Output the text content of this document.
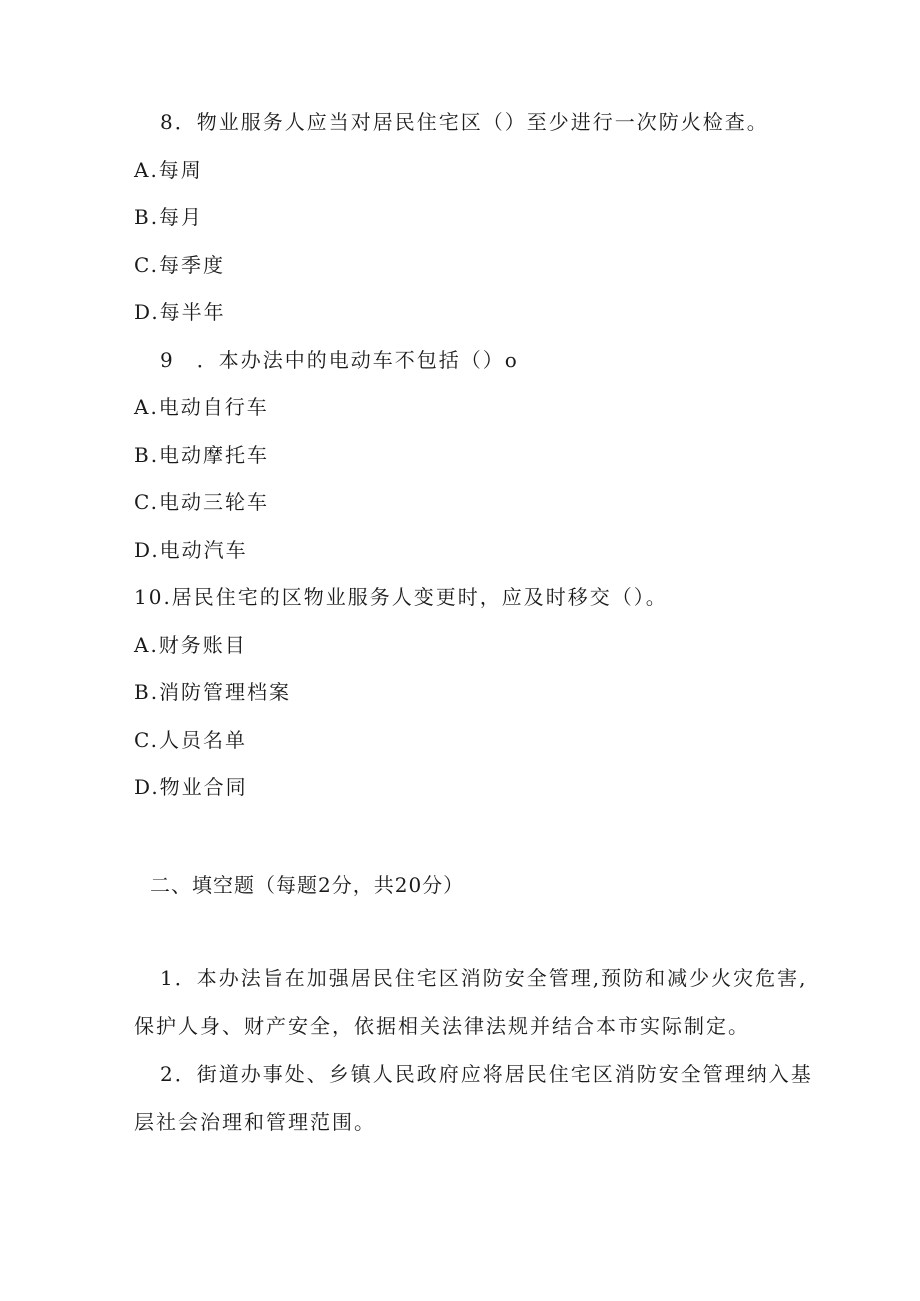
8．物业服务人应当对居民住宅区（）至少进行一次防火检查。
A.每周
B.每月
C.每季度
D.每半年
9　．本办法中的电动车不包括（）o
A.电动自行车
B.电动摩托车
C.电动三轮车
D.电动汽车
10.居民住宅的区物业服务人变更时，应及时移交（）。
A.财务账目
B.消防管理档案
C.人员名单
D.物业合同
二、填空题（每题2分，共20分）
1．本办法旨在加强居民住宅区消防安全管理,预防和减少火灾危害,
保护人身、财产安全，依据相关法律法规并结合本市实际制定。
2．街道办事处、乡镇人民政府应将居民住宅区消防安全管理纳入基
层社会治理和管理范围。
